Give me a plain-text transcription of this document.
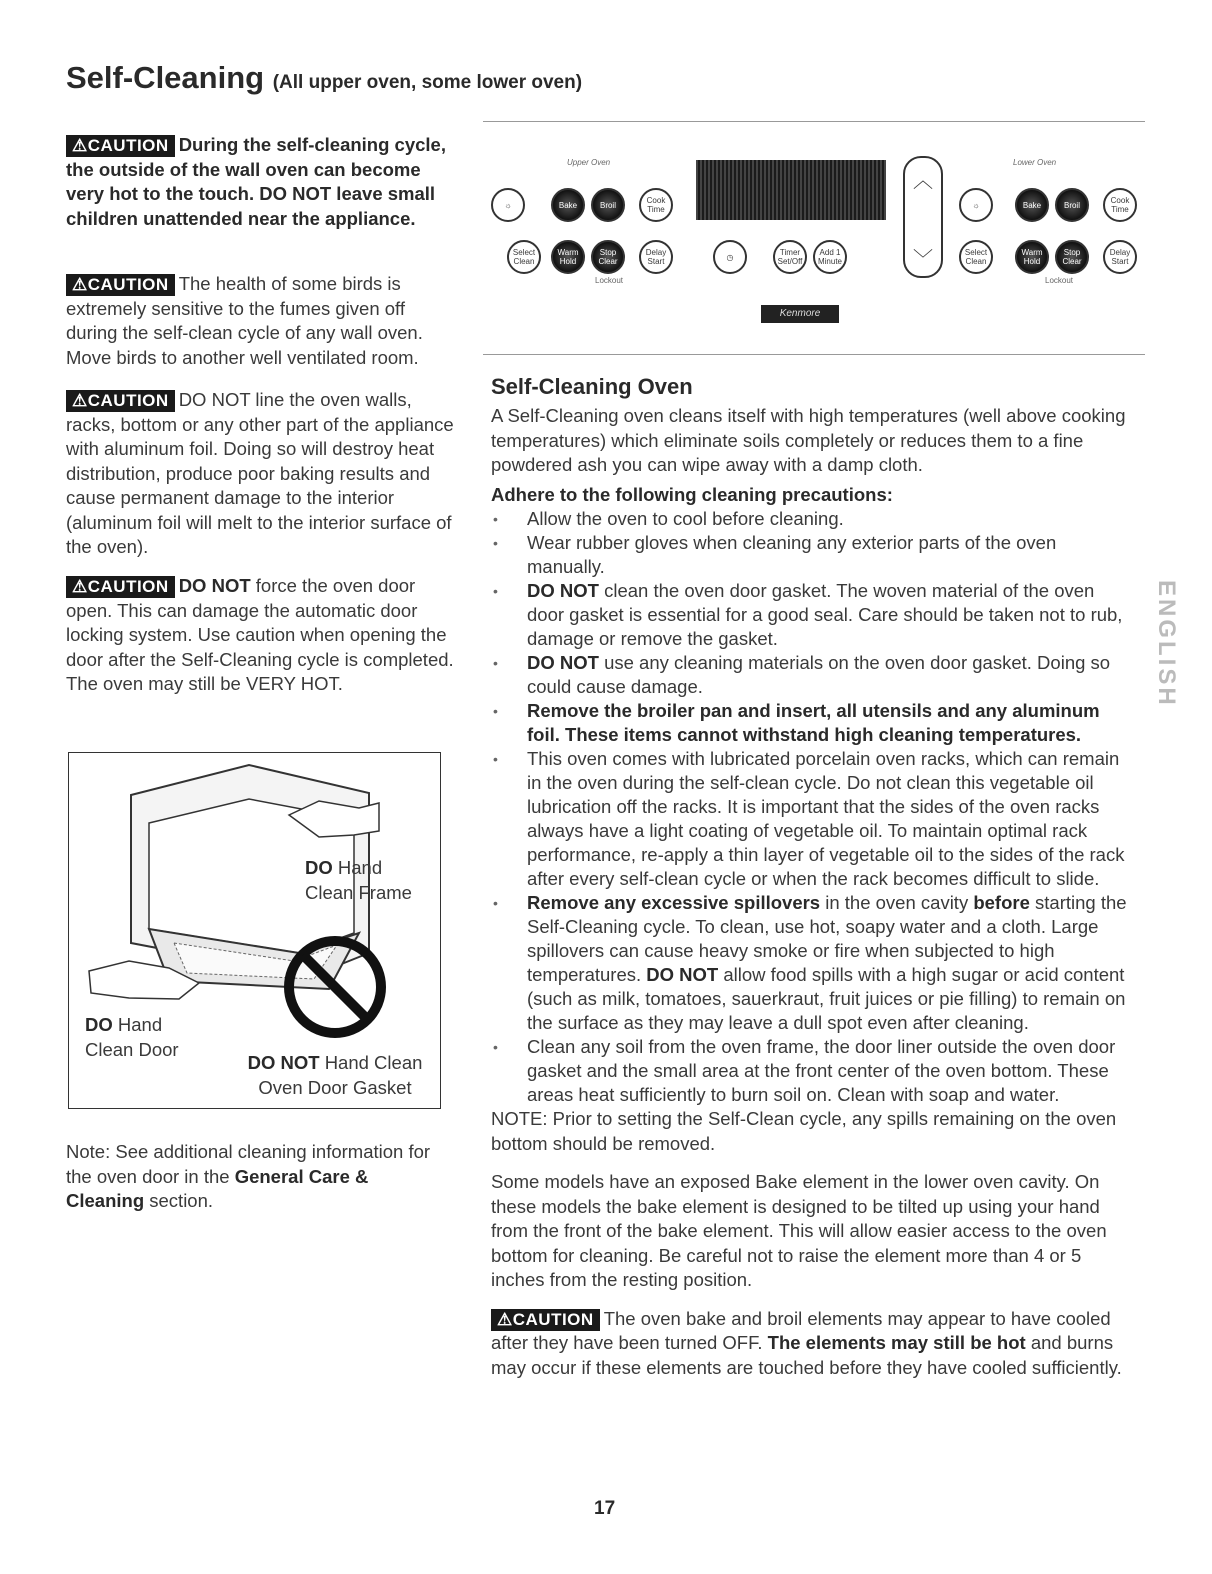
Self-Cleaning (All upper oven, some lower oven)

⚠CAUTION During the self-cleaning cycle, the outside of the wall oven can become very hot to the touch. DO NOT leave small children unattended near the appliance.

⚠CAUTION The health of some birds is extremely sensitive to the fumes given off during the self-clean cycle of any wall oven. Move birds to another well ventilated room.

⚠CAUTION DO NOT line the oven walls, racks, bottom or any other part of the appliance with aluminum foil. Doing so will destroy heat distribution, produce poor baking results and cause permanent damage to the interior (aluminum foil will melt to the interior surface of the oven).

⚠CAUTION DO NOT force the oven door open. This can damage the automatic door locking system. Use caution when opening the door after the Self-Cleaning cycle is completed. The oven may still be VERY HOT.

DO Hand
Clean Frame
DO Hand
Clean Door
DO NOT Hand Clean
Oven Door Gasket

Note: See additional cleaning information for the oven door in the General Care & Cleaning section.

Upper Oven	Lower Oven
☼	Bake	Broil	Cook Time
Select Clean
Warm Hold
Stop Clear
Delay Start
Lockout
◷	Timer Set/Off
Add 1 Minute
︿
﹀
☼	Bake	Broil	Cook Time
Select Clean
Warm Hold
Stop Clear
Delay Start
Lockout
Kenmore
Self-Cleaning Oven

A Self-Cleaning oven cleans itself with high temperatures (well above cooking temperatures) which eliminate soils completely or reduces them to a fine powdered ash you can wipe away with a damp cloth.

Adhere to the following cleaning precautions:

• Allow the oven to cool before cleaning.
• Wear rubber gloves when cleaning any exterior parts of the oven manually.
• DO NOT clean the oven door gasket. The woven material of the oven door gasket is essential for a good seal. Care should be taken not to rub, damage or remove the gasket.
• DO NOT use any cleaning materials on the oven door gasket. Doing so could cause damage.
• Remove the broiler pan and insert, all utensils and any aluminum foil. These items cannot withstand high cleaning temperatures.
• This oven comes with lubricated porcelain oven racks, which can remain in the oven during the self-clean cycle. Do not clean this vegetable oil lubrication off the racks. It is important that the sides of the oven racks always have a light coating of vegetable oil. To maintain optimal rack performance, re-apply a thin layer of vegetable oil to the sides of the rack after every self-clean cycle or when the rack becomes difficult to slide.
• Remove any excessive spillovers in the oven cavity before starting the Self-Cleaning cycle. To clean, use hot, soapy water and a cloth. Large spillovers can cause heavy smoke or fire when subjected to high temperatures. DO NOT allow food spills with a high sugar or acid content (such as milk, tomatoes, sauerkraut, fruit juices or pie filling) to remain on the surface as they may leave a dull spot even after cleaning.
• Clean any soil from the oven frame, the door liner outside the oven door gasket and the small area at the front center of the oven bottom. These areas heat sufficiently to burn soil on. Clean with soap and water.

NOTE: Prior to setting the Self-Clean cycle, any spills remaining on the oven bottom should be removed.

Some models have an exposed Bake element in the lower oven cavity. On these models the bake element is designed to be tilted up using your hand from the front of the bake element. This will allow easier access to the oven bottom for cleaning. Be careful not to raise the element more than 4 or 5 inches from the resting position.

⚠CAUTION The oven bake and broil elements may appear to have cooled after they have been turned OFF. The elements may still be hot and burns may occur if these elements are touched before they have cooled sufficiently.

ENGLISH
17
